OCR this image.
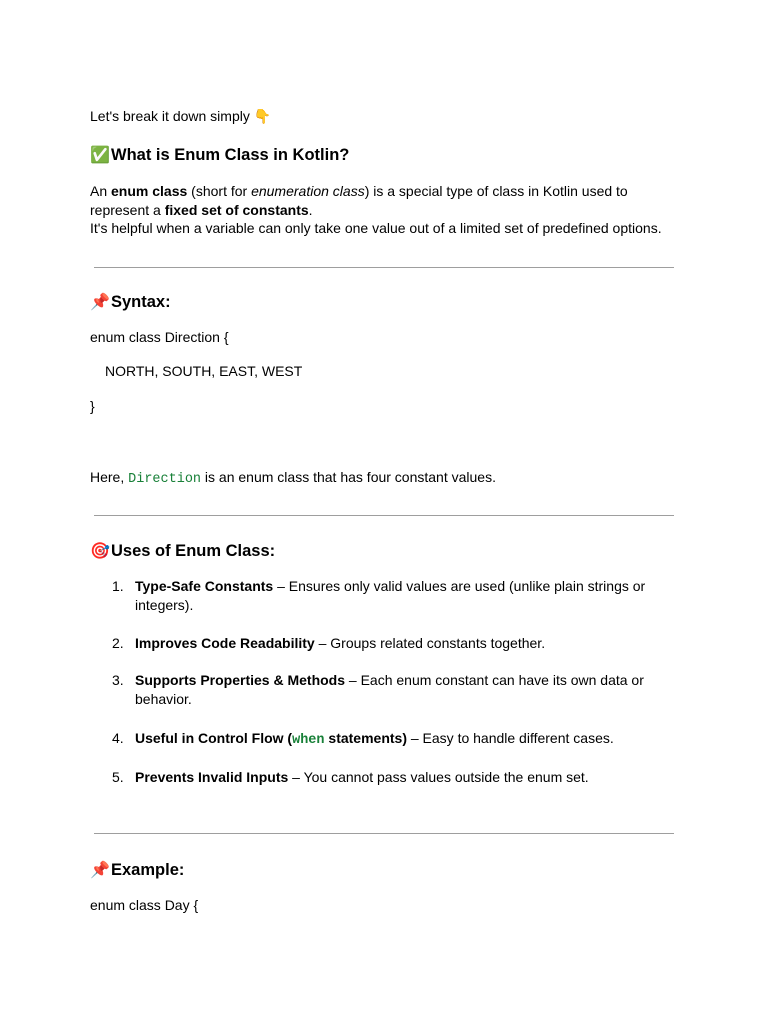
Let's break it down simply 👇
✅What is Enum Class in Kotlin?
An enum class (short for enumeration class) is a special type of class in Kotlin used to
represent a fixed set of constants.
It's helpful when a variable can only take one value out of a limited set of predefined options.
📌Syntax:
enum class Direction {
NORTH, SOUTH, EAST, WEST
}
Here, Direction is an enum class that has four constant values.
🎯Uses of Enum Class:
1. Type-Safe Constants – Ensures only valid values are used (unlike plain strings or
integers).
2. Improves Code Readability – Groups related constants together.
3. Supports Properties & Methods – Each enum constant can have its own data or
behavior.
4. Useful in Control Flow (when statements) – Easy to handle different cases.
5. Prevents Invalid Inputs – You cannot pass values outside the enum set.
📌Example:
enum class Day {
